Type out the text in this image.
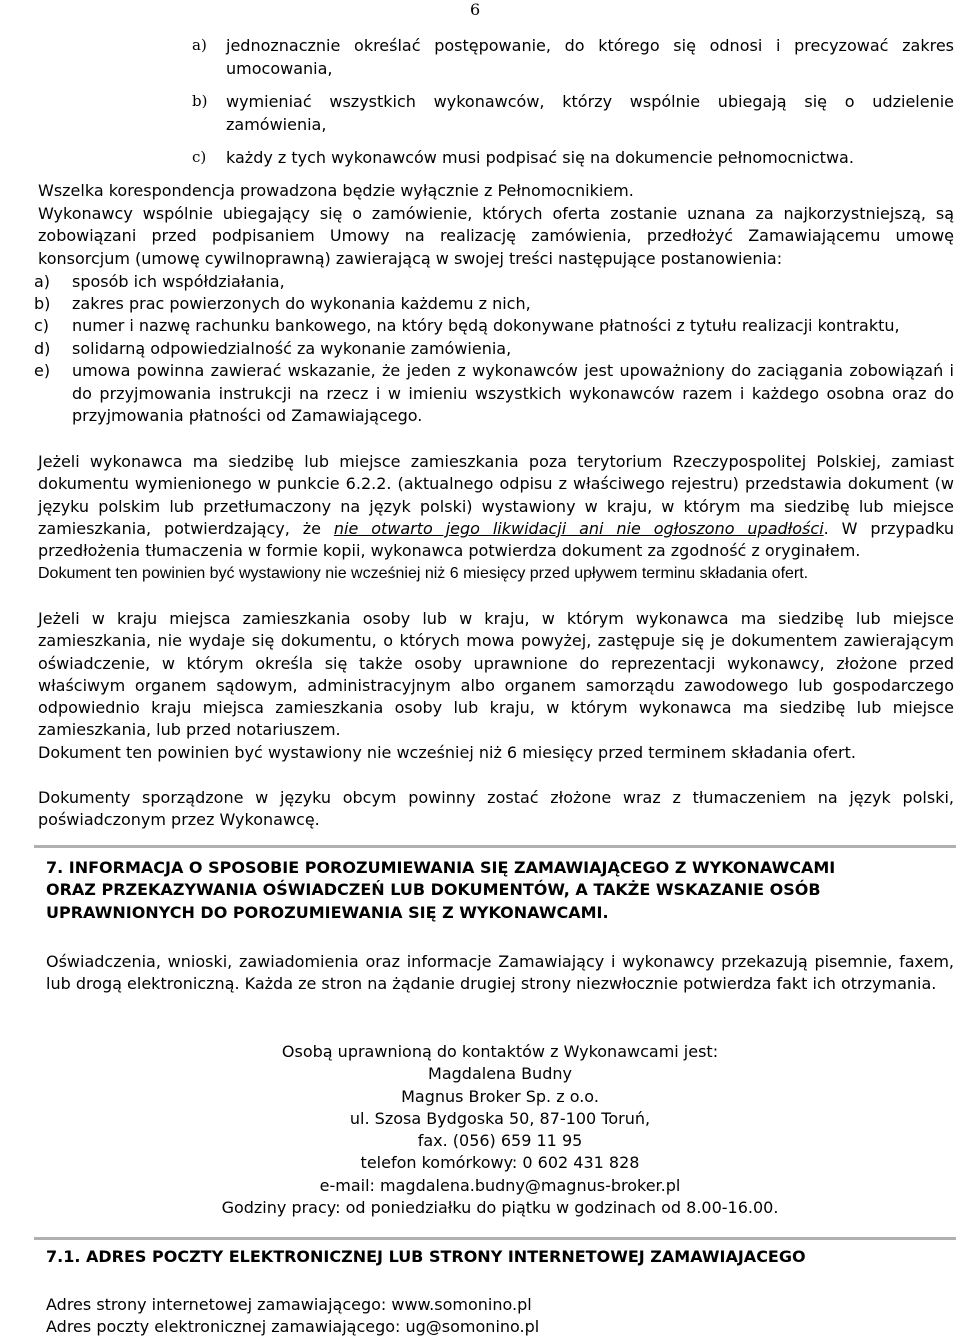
6
a) jednoznacznie określać postępowanie, do którego się odnosi i precyzować zakres umocowania,
b) wymieniać wszystkich wykonawców, którzy wspólnie ubiegają się o udzielenie zamówienia,
c) każdy z tych wykonawców musi podpisać się na dokumencie pełnomocnictwa.
Wszelka korespondencja prowadzona będzie wyłącznie z Pełnomocnikiem.
Wykonawcy wspólnie ubiegający się o zamówienie, których oferta zostanie uznana za najkorzystniejszą, są zobowiązani przed podpisaniem Umowy na realizację zamówienia, przedłożyć Zamawiającemu umowę konsorcjum (umowę cywilnoprawną) zawierającą w swojej treści następujące postanowienia:
a) sposób ich współdziałania,
b) zakres prac powierzonych do wykonania każdemu z nich,
c) numer i nazwę rachunku bankowego, na który będą dokonywane płatności z tytułu realizacji kontraktu,
d) solidarną odpowiedzialność za wykonanie zamówienia,
e) umowa powinna zawierać wskazanie, że jeden z wykonawców jest upoważniony do zaciągania zobowiązań i do przyjmowania instrukcji na rzecz i w imieniu wszystkich wykonawców razem i każdego osobna oraz do przyjmowania płatności od Zamawiającego.
Jeżeli wykonawca ma siedzibę lub miejsce zamieszkania poza terytorium Rzeczypospolitej Polskiej, zamiast dokumentu wymienionego w punkcie 6.2.2. (aktualnego odpisu z właściwego rejestru) przedstawia dokument (w języku polskim lub przetłumaczony na język polski) wystawiony w kraju, w którym ma siedzibę lub miejsce zamieszkania, potwierdzający, że nie otwarto jego likwidacji ani nie ogłoszono upadłości. W przypadku przedłożenia tłumaczenia w formie kopii, wykonawca potwierdza dokument za zgodność z oryginałem.
Dokument ten powinien być wystawiony nie wcześniej niż 6 miesięcy przed upływem terminu składania ofert.
Jeżeli w kraju miejsca zamieszkania osoby lub w kraju, w którym wykonawca ma siedzibę lub miejsce zamieszkania, nie wydaje się dokumentu, o których mowa powyżej, zastępuje się je dokumentem zawierającym oświadczenie, w którym określa się także osoby uprawnione do reprezentacji wykonawcy, złożone przed właściwym organem sądowym, administracyjnym albo organem samorządu zawodowego lub gospodarczego odpowiednio kraju miejsca zamieszkania osoby lub kraju, w którym wykonawca ma siedzibę lub miejsce zamieszkania, lub przed notariuszem.
Dokument ten powinien być wystawiony nie wcześniej niż 6 miesięcy przed terminem składania ofert.
Dokumenty sporządzone w języku obcym powinny zostać złożone wraz z tłumaczeniem na język polski, poświadczonym przez Wykonawcę.
7. INFORMACJA O SPOSOBIE POROZUMIEWANIA SIĘ ZAMAWIAJĄCEGO Z WYKONAWCAMI
ORAZ PRZEKAZYWANIA OŚWIADCZEŃ LUB DOKUMENTÓW, A TAKŻE WSKAZANIE OSÓB
UPRAWNIONYCH DO POROZUMIEWANIA SIĘ Z WYKONAWCAMI.
Oświadczenia, wnioski, zawiadomienia oraz informacje Zamawiający i wykonawcy przekazują pisemnie, faxem, lub drogą elektroniczną. Każda ze stron na żądanie drugiej strony niezwłocznie potwierdza fakt ich otrzymania.
Osobą uprawnioną do kontaktów z Wykonawcami jest:
Magdalena Budny
Magnus Broker Sp. z o.o.
ul. Szosa Bydgoska 50, 87-100 Toruń,
fax. (056) 659 11 95
telefon komórkowy: 0 602 431 828
e-mail: magdalena.budny@magnus-broker.pl
Godziny pracy: od poniedziałku do piątku w godzinach od 8.00-16.00.
7.1. ADRES POCZTY ELEKTRONICZNEJ LUB STRONY INTERNETOWEJ ZAMAWIAJACEGO
Adres strony internetowej zamawiającego: www.somonino.pl
Adres poczty elektronicznej zamawiającego: ug@somonino.pl
